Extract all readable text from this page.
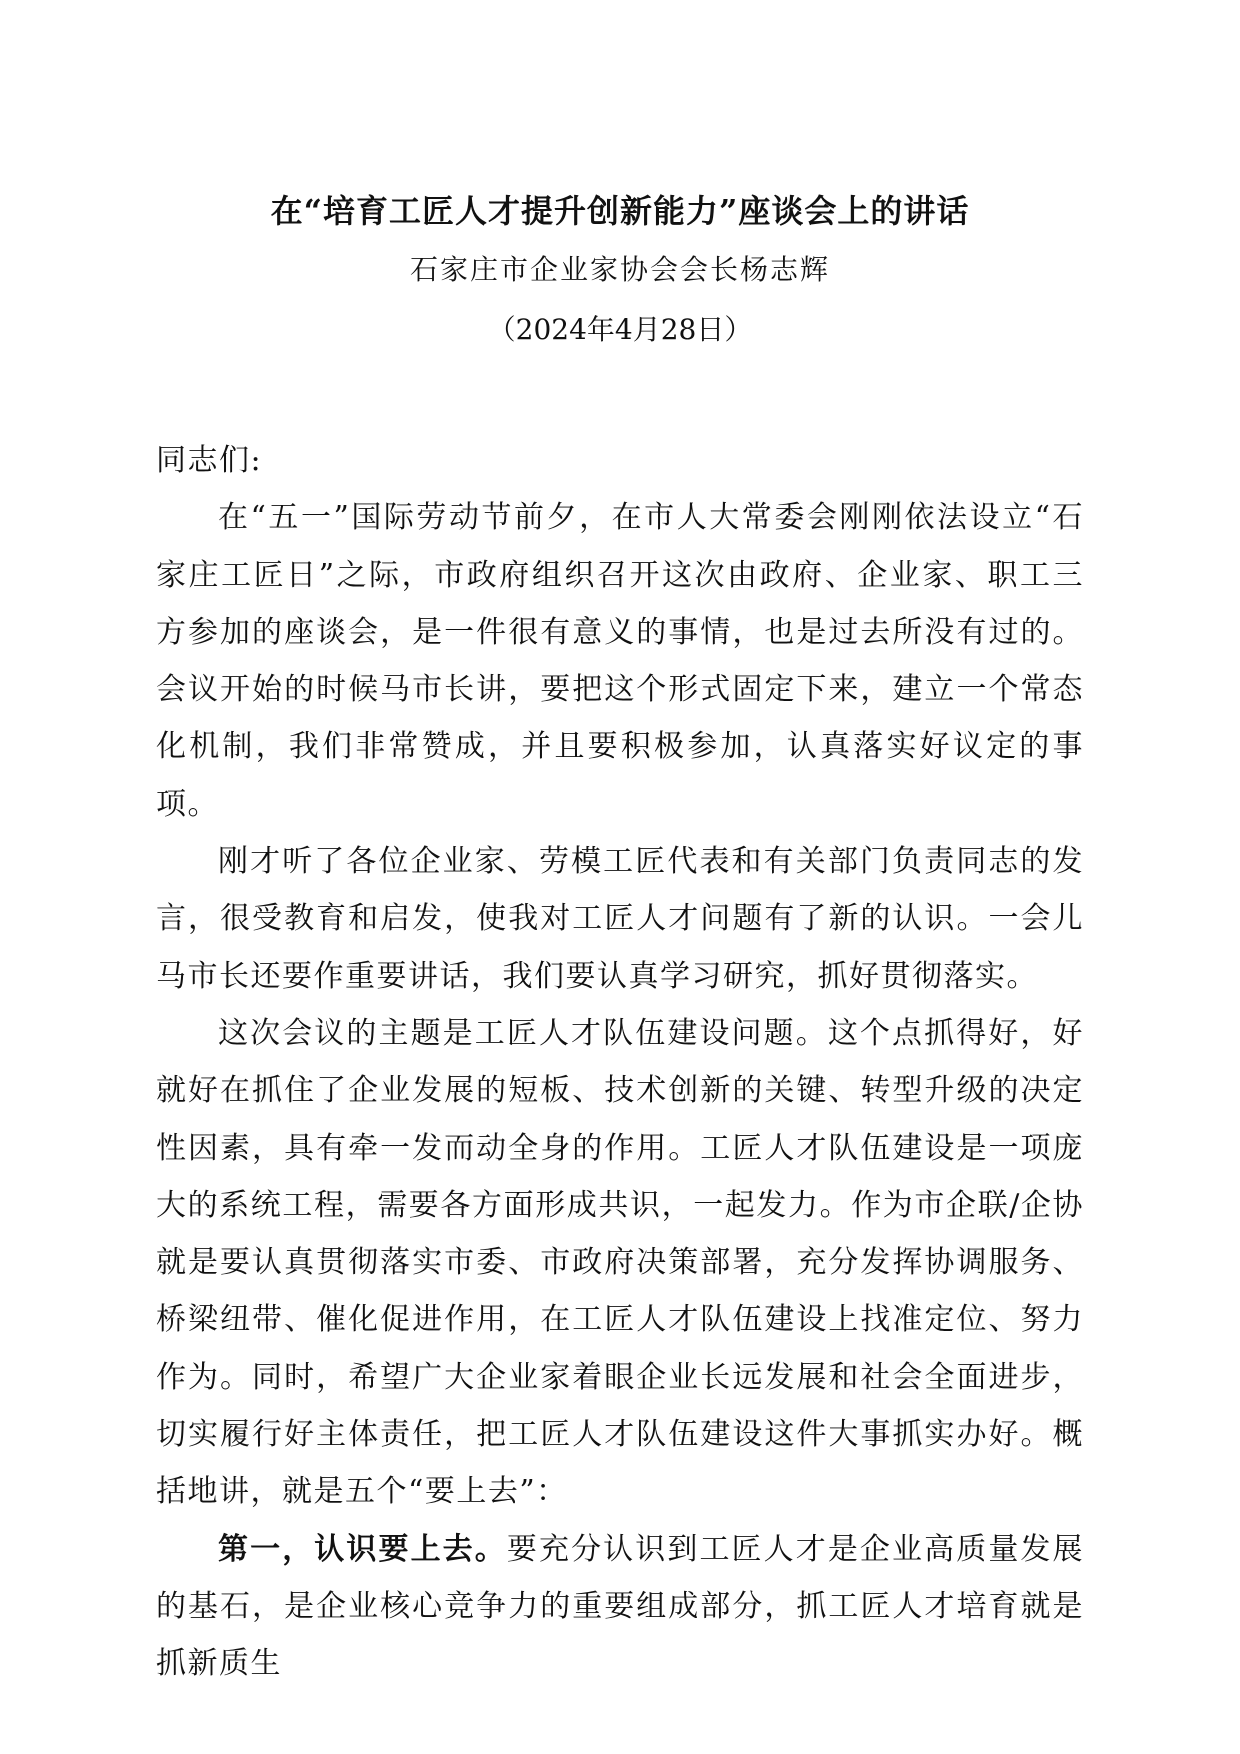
在“培育工匠人才提升创新能力”座谈会上的讲话
石家庄市企业家协会会长杨志辉
（2024年4月28日）

同志们:

在“五一”国际劳动节前夕，在市人大常委会刚刚依法设立“石家庄工匠日”之际，市政府组织召开这次由政府、企业家、职工三方参加的座谈会，是一件很有意义的事情，也是过去所没有过的。会议开始的时候马市长讲，要把这个形式固定下来，建立一个常态化机制，我们非常赞成，并且要积极参加，认真落实好议定的事项。

刚才听了各位企业家、劳模工匠代表和有关部门负责同志的发言，很受教育和启发，使我对工匠人才问题有了新的认识。一会儿马市长还要作重要讲话，我们要认真学习研究，抓好贯彻落实。

这次会议的主题是工匠人才队伍建设问题。这个点抓得好，好就好在抓住了企业发展的短板、技术创新的关键、转型升级的决定性因素，具有牵一发而动全身的作用。工匠人才队伍建设是一项庞大的系统工程，需要各方面形成共识，一起发力。作为市企联/企协就是要认真贯彻落实市委、市政府决策部署，充分发挥协调服务、桥梁纽带、催化促进作用，在工匠人才队伍建设上找准定位、努力作为。同时，希望广大企业家着眼企业长远发展和社会全面进步，切实履行好主体责任，把工匠人才队伍建设这件大事抓实办好。概括地讲，就是五个“要上去”：

第一，认识要上去。要充分认识到工匠人才是企业高质量发展的基石，是企业核心竞争力的重要组成部分，抓工匠人才培育就是抓新质生
